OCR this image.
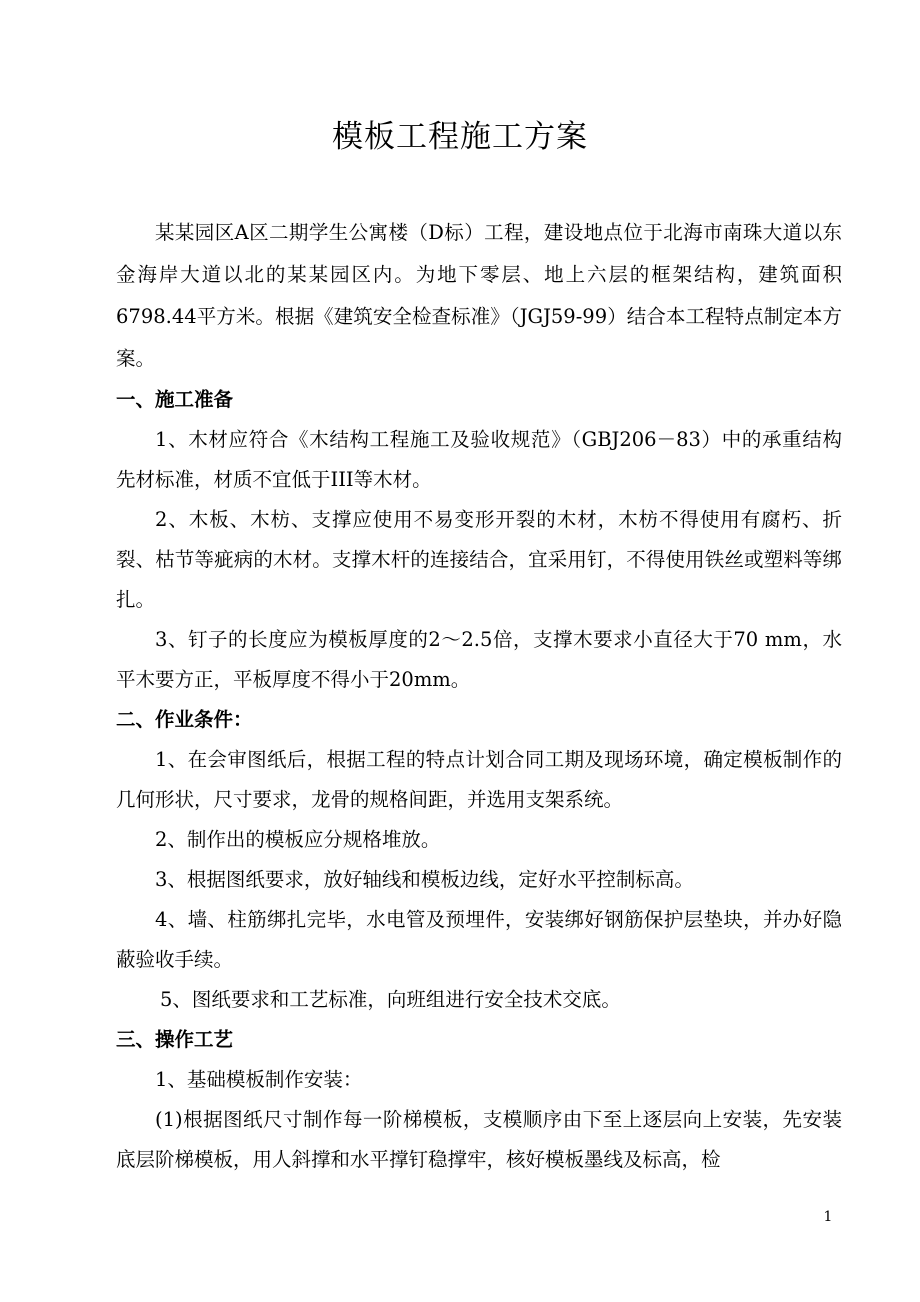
模板工程施工方案

某某园区A区二期学生公寓楼（D标）工程，建设地点位于北海市南珠大道以东金海岸大道以北的某某园区内。为地下零层、地上六层的框架结构，建筑面积6798.44平方米。根据《建筑安全检查标准》（JGJ59-99）结合本工程特点制定本方案。

一、施工准备

1、木材应符合《木结构工程施工及验收规范》（GBJ206－83）中的承重结构先材标准，材质不宜低于III等木材。

2、木板、木枋、支撑应使用不易变形开裂的木材，木枋不得使用有腐朽、折裂、枯节等疵病的木材。支撑木杆的连接结合，宜采用钉，不得使用铁丝或塑料等绑扎。

3、钉子的长度应为模板厚度的2～2.5倍，支撑木要求小直径大于70 mm，水平木要方正，平板厚度不得小于20mm。

二、作业条件：

1、在会审图纸后，根据工程的特点计划合同工期及现场环境，确定模板制作的几何形状，尺寸要求，龙骨的规格间距，并选用支架系统。

2、制作出的模板应分规格堆放。

3、根据图纸要求，放好轴线和模板边线，定好水平控制标高。

4、墙、柱筋绑扎完毕，水电管及预埋件，安装绑好钢筋保护层垫块，并办好隐蔽验收手续。

5、图纸要求和工艺标准，向班组进行安全技术交底。

三、操作工艺

1、基础模板制作安装：

(1)根据图纸尺寸制作每一阶梯模板，支模顺序由下至上逐层向上安装，先安装底层阶梯模板，用人斜撑和水平撑钉稳撑牢，核好模板墨线及标高，检

1
